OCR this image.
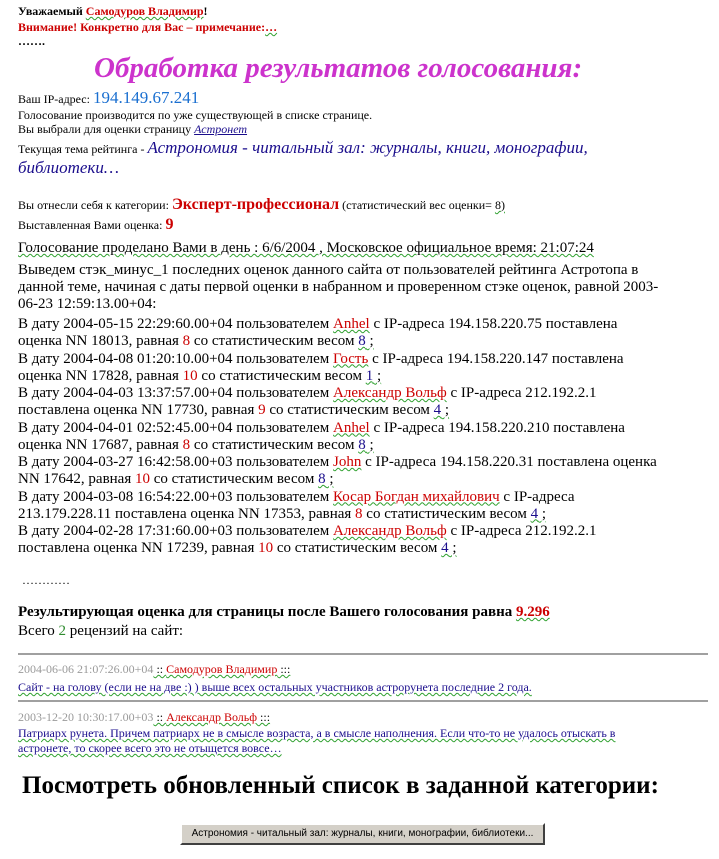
Уважаемый Самодуров Владимир!
Внимание! Конкретно для Вас – примечание:…
…….
Обработка результатов голосования:
Ваш IP-адрес: 194.149.67.241
Голосование производится по уже существующей в списке странице.
Вы выбрали для оценки страницу Астронет
Текущая тема рейтинга - Астрономия - читальный зал: журналы, книги, монографии,
библиотеки…
Вы отнесли себя к категории: Эксперт-профессионал (статистический вес оценки= 8)
Выставленная Вами оценка: 9
Голосование проделано Вами в день : 6/6/2004 , Московское официальное время: 21:07:24
Выведем стэк_минус_1 последних оценок данного сайта от пользователей рейтинга Астротопа в
данной теме, начиная с даты первой оценки в набранном и проверенном стэке оценок, равной 2003-
06-23 12:59:13.00+04:
В дату 2004-05-15 22:29:60.00+04 пользователем Anhel с IP-адреса 194.158.220.75 поставлена
оценка NN 18013, равная 8 со статистическим весом 8 ;
В дату 2004-04-08 01:20:10.00+04 пользователем Гость с IP-адреса 194.158.220.147 поставлена
оценка NN 17828, равная 10 со статистическим весом 1 ;
В дату 2004-04-03 13:37:57.00+04 пользователем Александр Вольф с IP-адреса 212.192.2.1
поставлена оценка NN 17730, равная 9 со статистическим весом 4 ;
В дату 2004-04-01 02:52:45.00+04 пользователем Anhel с IP-адреса 194.158.220.210 поставлена
оценка NN 17687, равная 8 со статистическим весом 8 ;
В дату 2004-03-27 16:42:58.00+03 пользователем John с IP-адреса 194.158.220.31 поставлена оценка
NN 17642, равная 10 со статистическим весом 8 ;
В дату 2004-03-08 16:54:22.00+03 пользователем Косар Богдан михайлович с IP-адреса
213.179.228.11 поставлена оценка NN 17353, равная 8 со статистическим весом 4 ;
В дату 2004-02-28 17:31:60.00+03 пользователем Александр Вольф с IP-адреса 212.192.2.1
поставлена оценка NN 17239, равная 10 со статистическим весом 4 ;
…………
Результирующая оценка для страницы после Вашего голосования равна 9.296
Всего 2 рецензий на сайт:
2004-06-06 21:07:26.00+04 :: Самодуров Владимир :::
Сайт - на голову (если не на две :) ) выше всех остальных участников астрорунета последние 2 года.
2003-12-20 10:30:17.00+03 :: Александр Вольф :::
Патриарх рунета. Причем патриарх не в смысле возраста, а в смысле наполнения. Если что-то не удалось отыскать в
астронете, то скорее всего это не отыщется вовсе…
Посмотреть обновленный список в заданной категории:
Астрономия - читальный зал: журналы, книги, монографии, библиотеки...
